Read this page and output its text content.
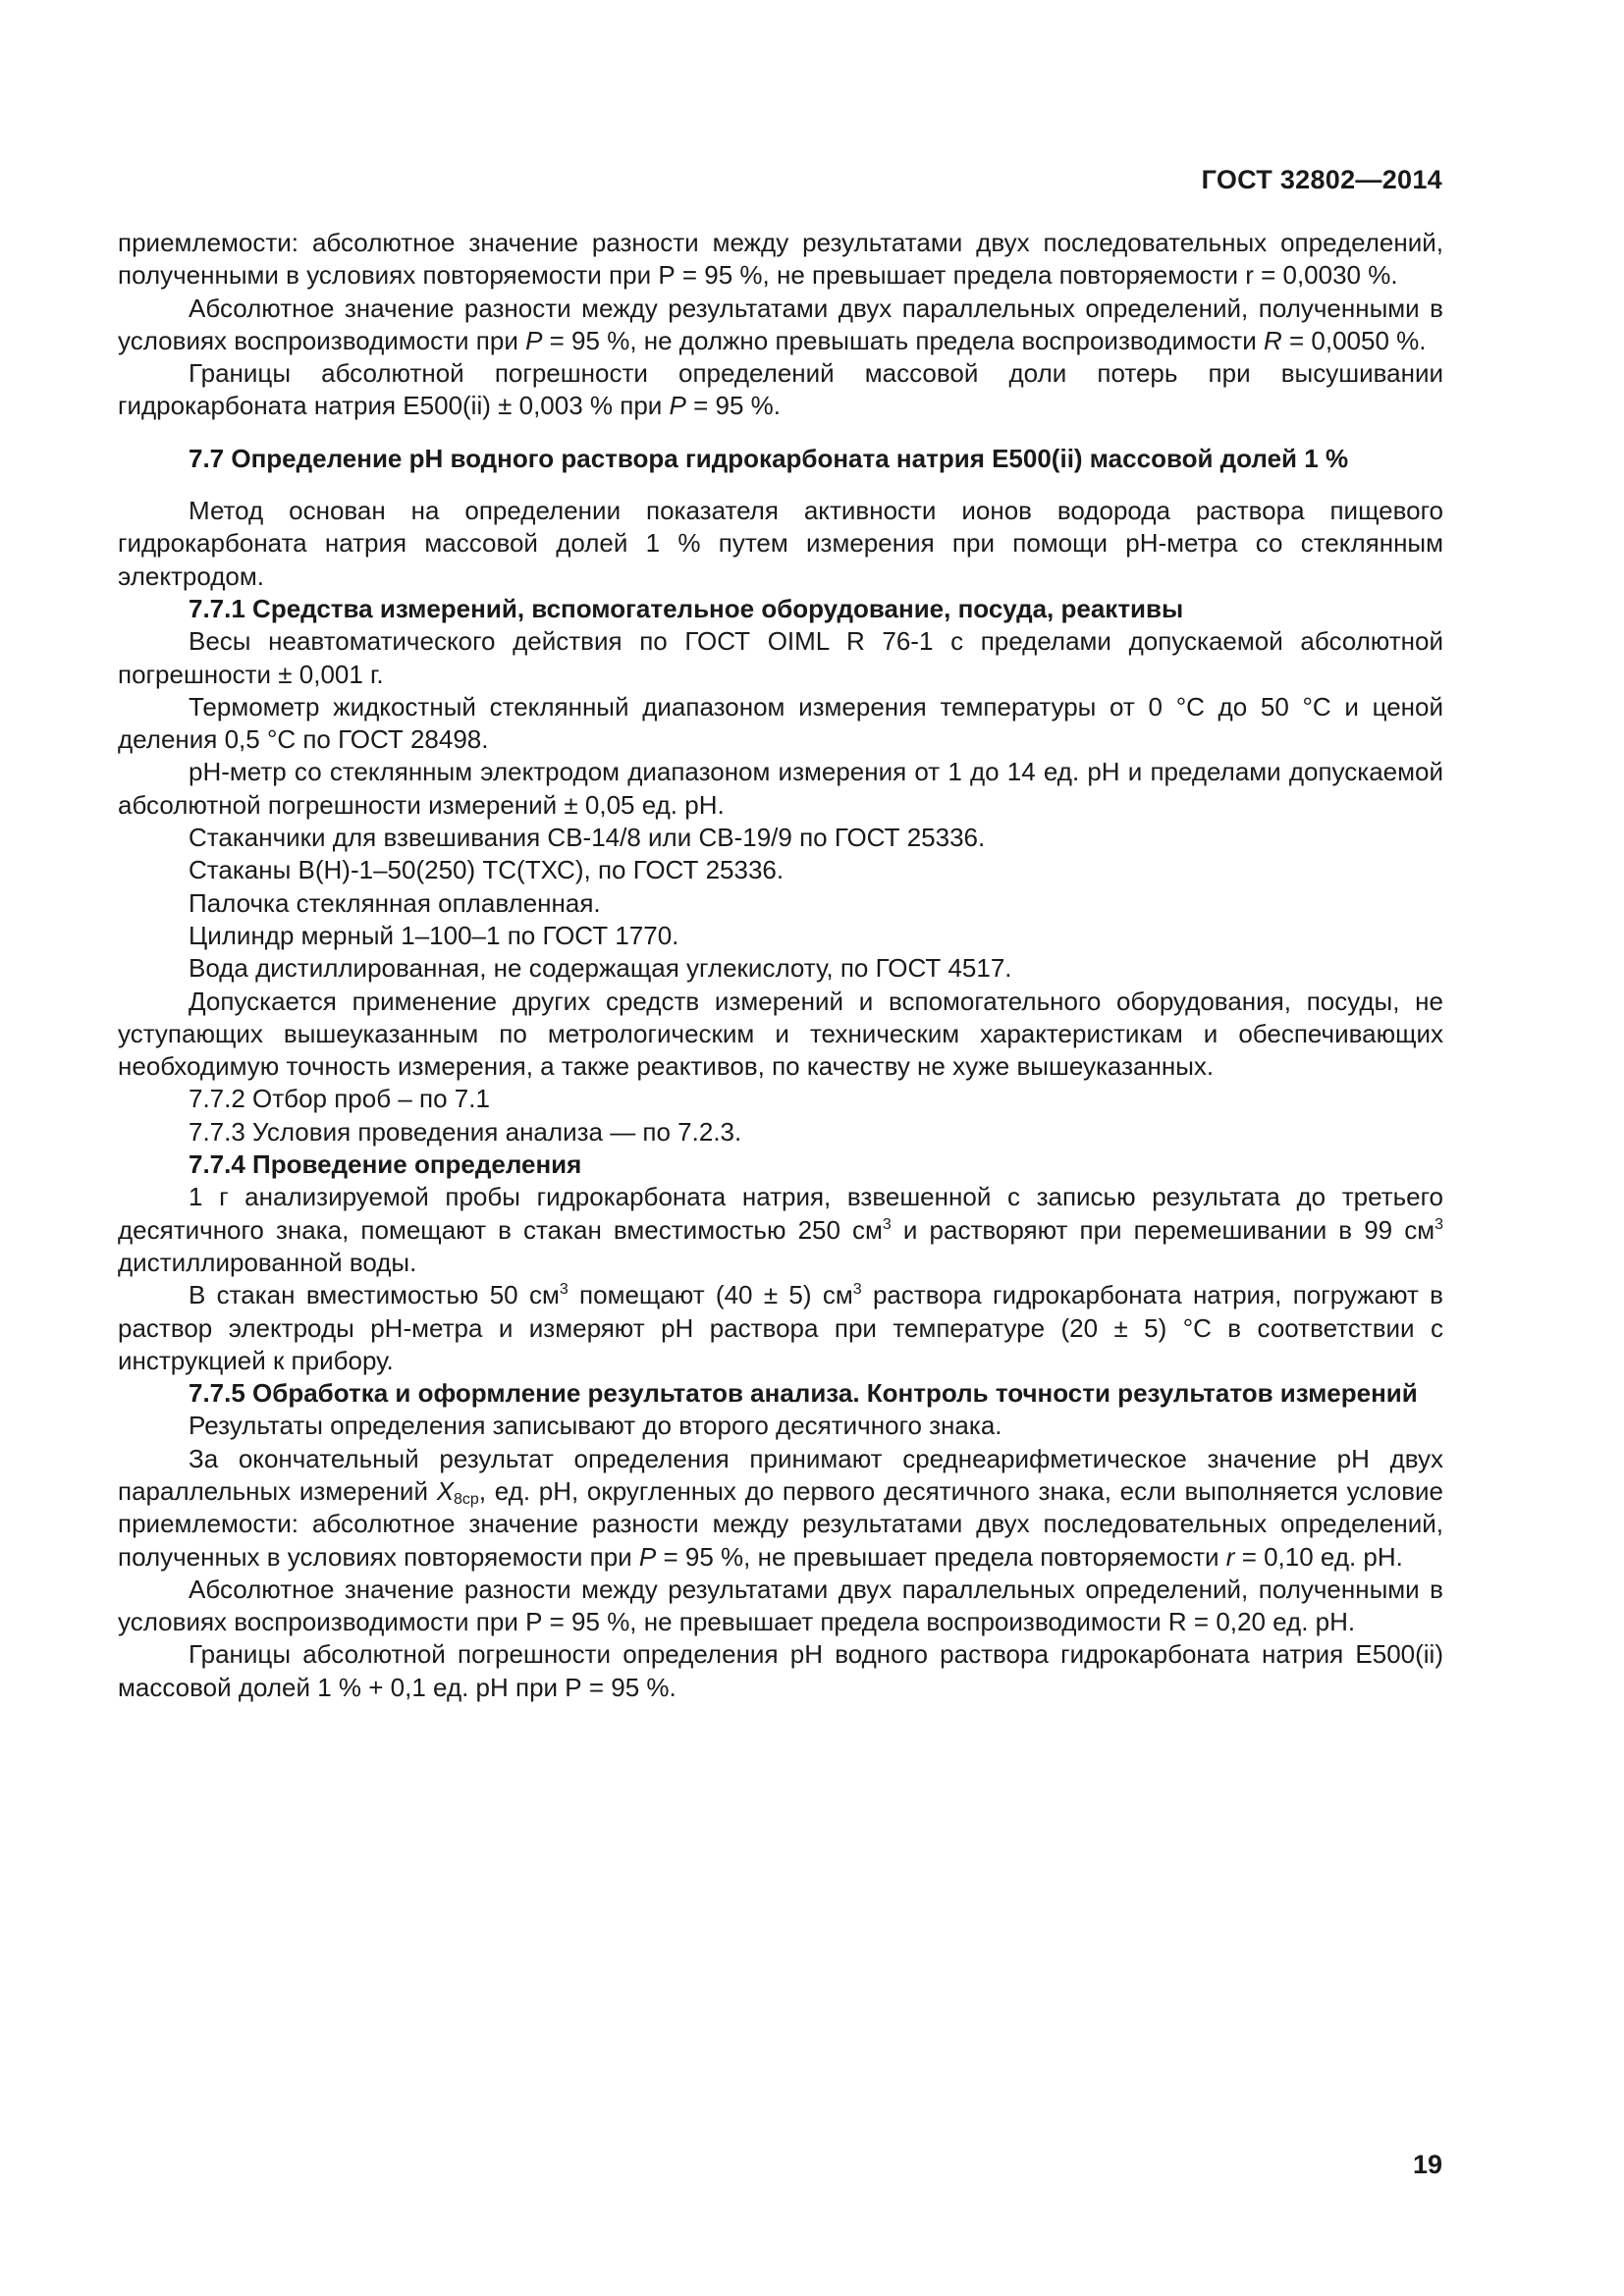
ГОСТ 32802—2014

приемлемости: абсолютное значение разности между результатами двух последовательных определений, полученными в условиях повторяемости при Р = 95 %, не превышает предела повторяемости r = 0,0030 %.

Абсолютное значение разности между результатами двух параллельных определений, полученными в условиях воспроизводимости при P = 95 %, не должно превышать предела воспроизводимости R = 0,0050 %.

Границы абсолютной погрешности определений массовой доли потерь при высушивании гидрокарбоната натрия Е500(ii) ± 0,003 % при P = 95 %.

7.7 Определение рН водного раствора гидрокарбоната натрия Е500(ii) массовой долей 1 %

Метод основан на определении показателя активности ионов водорода раствора пищевого гидрокарбоната натрия массовой долей 1 % путем измерения при помощи рН-метра со стеклянным электродом.

7.7.1 Средства измерений, вспомогательное оборудование, посуда, реактивы

Весы неавтоматического действия по ГОСТ OIML R 76-1 с пределами допускаемой абсолютной погрешности ± 0,001 г.

Термометр жидкостный стеклянный диапазоном измерения температуры от 0 °С до 50 °С и ценой деления 0,5 °С по ГОСТ 28498.

рН-метр со стеклянным электродом диапазоном измерения от 1 до 14 ед. рН и пределами допускаемой абсолютной погрешности измерений ± 0,05 ед. рН.

Стаканчики для взвешивания СВ-14/8 или СВ-19/9 по ГОСТ 25336.

Стаканы В(Н)-1–50(250) ТС(ТХС), по ГОСТ 25336.

Палочка стеклянная оплавленная.

Цилиндр мерный 1–100–1 по ГОСТ 1770.

Вода дистиллированная, не содержащая углекислоту, по ГОСТ 4517.

Допускается применение других средств измерений и вспомогательного оборудования, посуды, не уступающих вышеуказанным по метрологическим и техническим характеристикам и обеспечивающих необходимую точность измерения, а также реактивов, по качеству не хуже вышеуказанных.

7.7.2 Отбор проб – по 7.1

7.7.3 Условия проведения анализа — по 7.2.3.

7.7.4 Проведение определения

1 г анализируемой пробы гидрокарбоната натрия, взвешенной с записью результата до третьего десятичного знака, помещают в стакан вместимостью 250 $см^3$ и растворяют при перемешивании в 99 $см^3$ дистиллированной воды.

В стакан вместимостью 50 $см^3$ помещают (40 ± 5) $см^3$ раствора гидрокарбоната натрия, погружают в раствор электроды рН-метра и измеряют рН раствора при температуре (20 ± 5) °С в соответствии с инструкцией к прибору.

7.7.5 Обработка и оформление результатов анализа. Контроль точности результатов измерений

Результаты определения записывают до второго десятичного знака.

За окончательный результат определения принимают среднеарифметическое значение рН двух параллельных измерений $X_{8ср}$, ед. рН, округленных до первого десятичного знака, если выполняется условие приемлемости: абсолютное значение разности между результатами двух последовательных определений, полученных в условиях повторяемости при P = 95 %, не превышает предела повторяемости r = 0,10 ед. рН.

Абсолютное значение разности между результатами двух параллельных определений, полученными в условиях воспроизводимости при Р = 95 %, не превышает предела воспроизводимости R = 0,20 ед. рН.

Границы абсолютной погрешности определения рН водного раствора гидрокарбоната натрия Е500(ii) массовой долей 1 % + 0,1 ед. рН при Р = 95 %.

19
